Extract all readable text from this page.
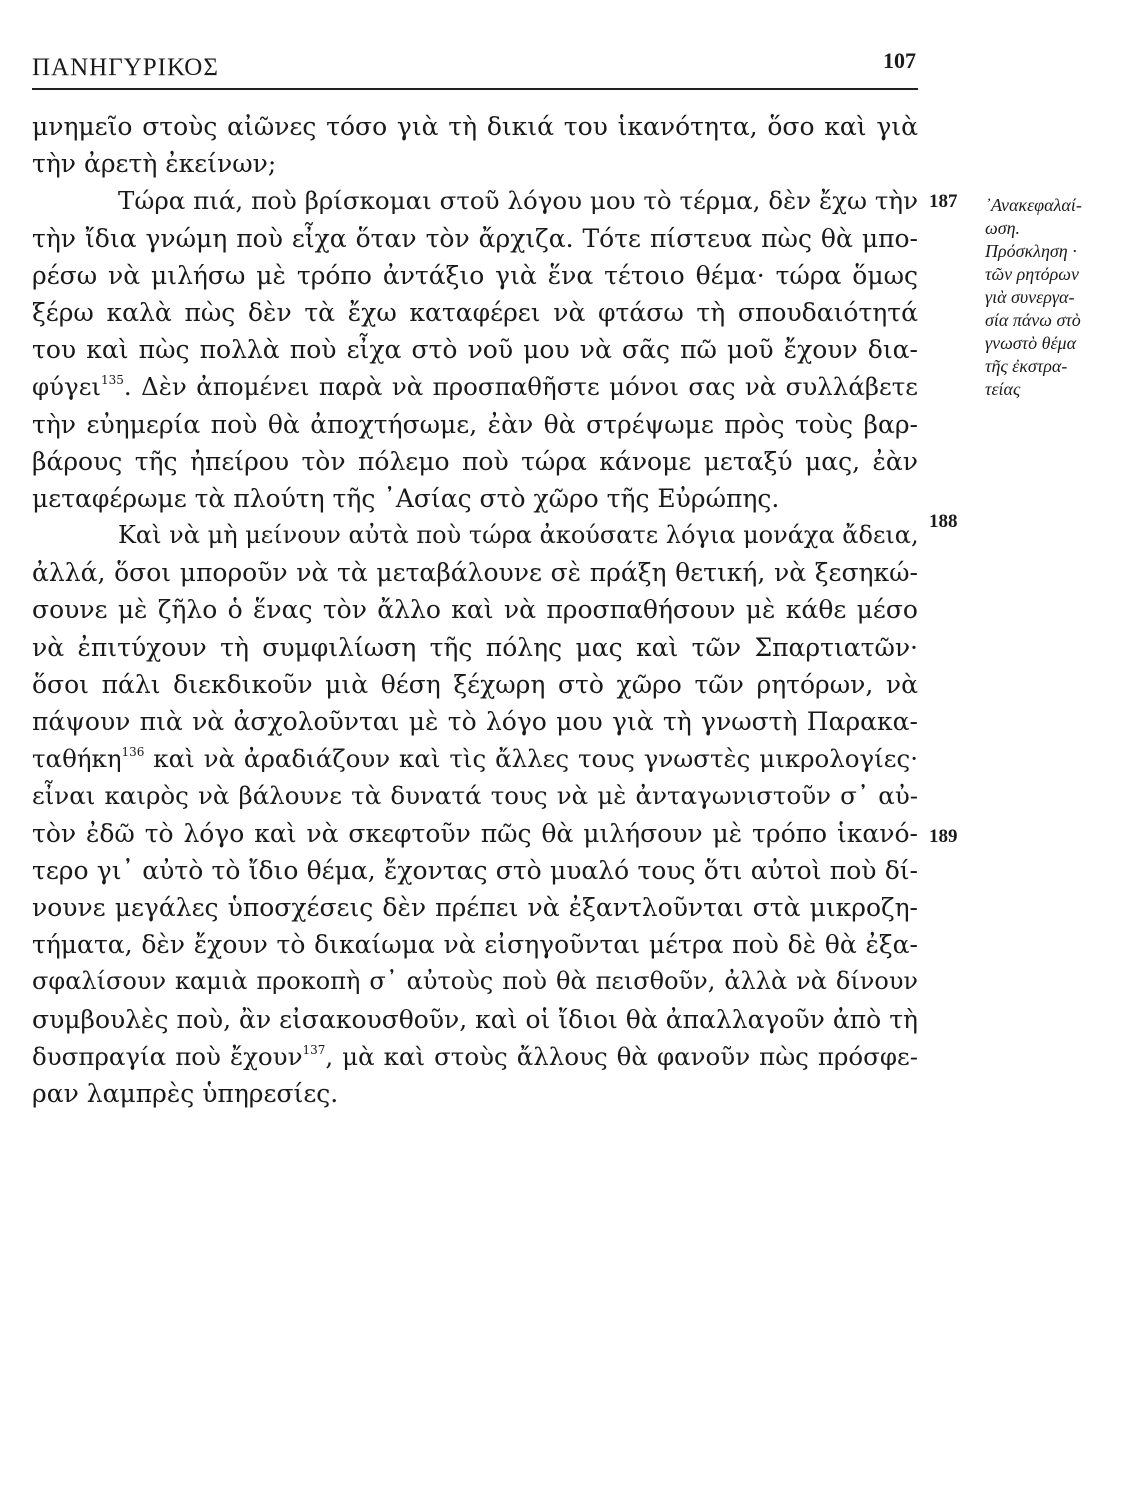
ΠΑΝΗΓΥΡΙΚΟΣ	107
μνημεῖο στοὺς αἰῶνες τόσο γιὰ τὴ δικιά του ἱκανότητα, ὅσο καὶ γιὰ
τὴν ἀρετὴ ἐκείνων;
Τώρα πιά, ποὺ βρίσκομαι στοῦ λόγου μου τὸ τέρμα, δὲν ἔχω τὴν
τὴν ἴδια γνώμη ποὺ εἶχα ὅταν τὸν ἄρχιζα. Τότε πίστευα πὼς θὰ μπο-
ρέσω νὰ μιλήσω μὲ τρόπο ἀντάξιο γιὰ ἕνα τέτοιο θέμα· τώρα ὅμως
ξέρω καλὰ πὼς δὲν τὰ ἔχω καταφέρει νὰ φτάσω τὴ σπουδαιότητά
του καὶ πὼς πολλὰ ποὺ εἶχα στὸ νοῦ μου νὰ σᾶς πῶ μοῦ ἔχουν δια-
φύγει$^{135}$. Δὲν ἀπομένει παρὰ νὰ προσπαθῆστε μόνοι σας νὰ συλλάβετε
τὴν εὐημερία ποὺ θὰ ἀποχτήσωμε, ἐὰν θὰ στρέψωμε πρὸς τοὺς βαρ-
βάρους τῆς ἠπείρου τὸν πόλεμο ποὺ τώρα κάνομε μεταξύ μας, ἐὰν
μεταφέρωμε τὰ πλούτη τῆς ᾿Ασίας στὸ χῶρο τῆς Εὐρώπης.
Καὶ νὰ μὴ μείνουν αὐτὰ ποὺ τώρα ἀκούσατε λόγια μονάχα ἄδεια,
ἀλλά, ὅσοι μποροῦν νὰ τὰ μεταβάλουνε σὲ πράξη θετική, νὰ ξεσηκώ-
σουνε μὲ ζῆλο ὁ ἕνας τὸν ἄλλο καὶ νὰ προσπαθήσουν μὲ κάθε μέσο
νὰ ἐπιτύχουν τὴ συμφιλίωση τῆς πόλης μας καὶ τῶν Σπαρτιατῶν·
ὅσοι πάλι διεκδικοῦν μιὰ θέση ξέχωρη στὸ χῶρο τῶν ρητόρων, νὰ
πάψουν πιὰ νὰ ἀσχολοῦνται μὲ τὸ λόγο μου γιὰ τὴ γνωστὴ Παρακα-
ταθήκη$^{136}$ καὶ νὰ ἀραδιάζουν καὶ τὶς ἄλλες τους γνωστὲς μικρολογίες·
εἶναι καιρὸς νὰ βάλουνε τὰ δυνατά τους νὰ μὲ ἀνταγωνιστοῦν σ᾿ αὐ-
τὸν ἐδῶ τὸ λόγο καὶ νὰ σκεφτοῦν πῶς θὰ μιλήσουν μὲ τρόπο ἱκανό-
τερο γι᾿ αὐτὸ τὸ ἴδιο θέμα, ἔχοντας στὸ μυαλό τους ὅτι αὐτοὶ ποὺ δί-
νουνε μεγάλες ὑποσχέσεις δὲν πρέπει νὰ ἐξαντλοῦνται στὰ μικροζη-
τήματα, δὲν ἔχουν τὸ δικαίωμα νὰ εἰσηγοῦνται μέτρα ποὺ δὲ θὰ ἐξα-
σφαλίσουν καμιὰ προκοπὴ σ᾿ αὐτοὺς ποὺ θὰ πεισθοῦν, ἀλλὰ νὰ δίνουν
συμβουλὲς ποὺ, ἂν εἰσακουσθοῦν, καὶ οἱ ἴδιοι θὰ ἀπαλλαγοῦν ἀπὸ τὴ
δυσπραγία ποὺ ἔχουν$^{137}$, μὰ καὶ στοὺς ἄλλους θὰ φανοῦν πὼς πρόσφε-
ραν λαμπρὲς ὑπηρεσίες.
187
188
189
᾿Ανακεφαλαί-
ωση.
Πρόσκληση ·
τῶν ρητόρων
γιὰ συνεργα-
σία πάνω στὸ
γνωστὸ θέμα
τῆς ἐκστρα-
τείας
